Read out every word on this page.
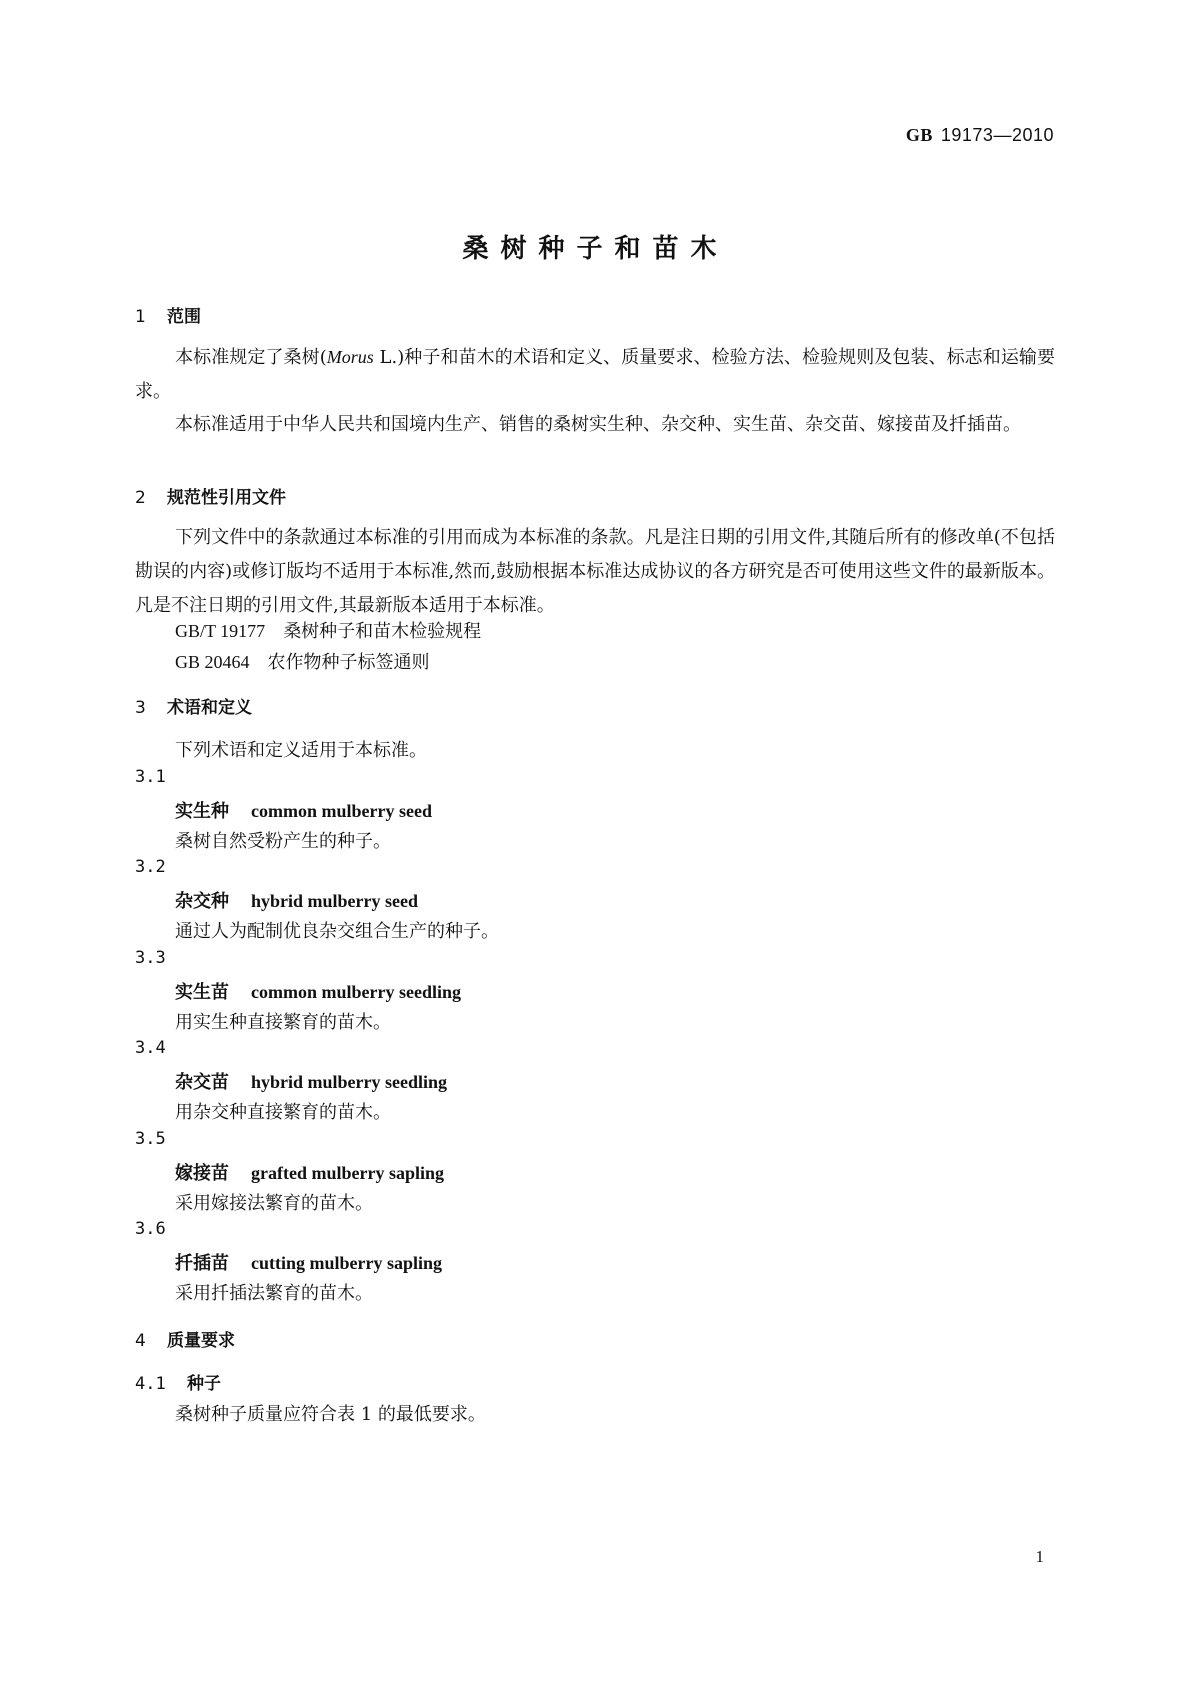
GB 19173—2010
桑树种子和苗木
1 范围
本标准规定了桑树(Morus L.)种子和苗木的术语和定义、质量要求、检验方法、检验规则及包装、标志和运输要求。
本标准适用于中华人民共和国境内生产、销售的桑树实生种、杂交种、实生苗、杂交苗、嫁接苗及扦插苗。
2 规范性引用文件
下列文件中的条款通过本标准的引用而成为本标准的条款。凡是注日期的引用文件,其随后所有的修改单(不包括勘误的内容)或修订版均不适用于本标准,然而,鼓励根据本标准达成协议的各方研究是否可使用这些文件的最新版本。凡是不注日期的引用文件,其最新版本适用于本标准。
GB/T 19177 桑树种子和苗木检验规程
GB 20464 农作物种子标签通则
3 术语和定义
下列术语和定义适用于本标准。
3.1
实生种 common mulberry seed
桑树自然受粉产生的种子。
3.2
杂交种 hybrid mulberry seed
通过人为配制优良杂交组合生产的种子。
3.3
实生苗 common mulberry seedling
用实生种直接繁育的苗木。
3.4
杂交苗 hybrid mulberry seedling
用杂交种直接繁育的苗木。
3.5
嫁接苗 grafted mulberry sapling
采用嫁接法繁育的苗木。
3.6
扦插苗 cutting mulberry sapling
采用扦插法繁育的苗木。
4 质量要求
4.1 种子
桑树种子质量应符合表 1 的最低要求。
1
